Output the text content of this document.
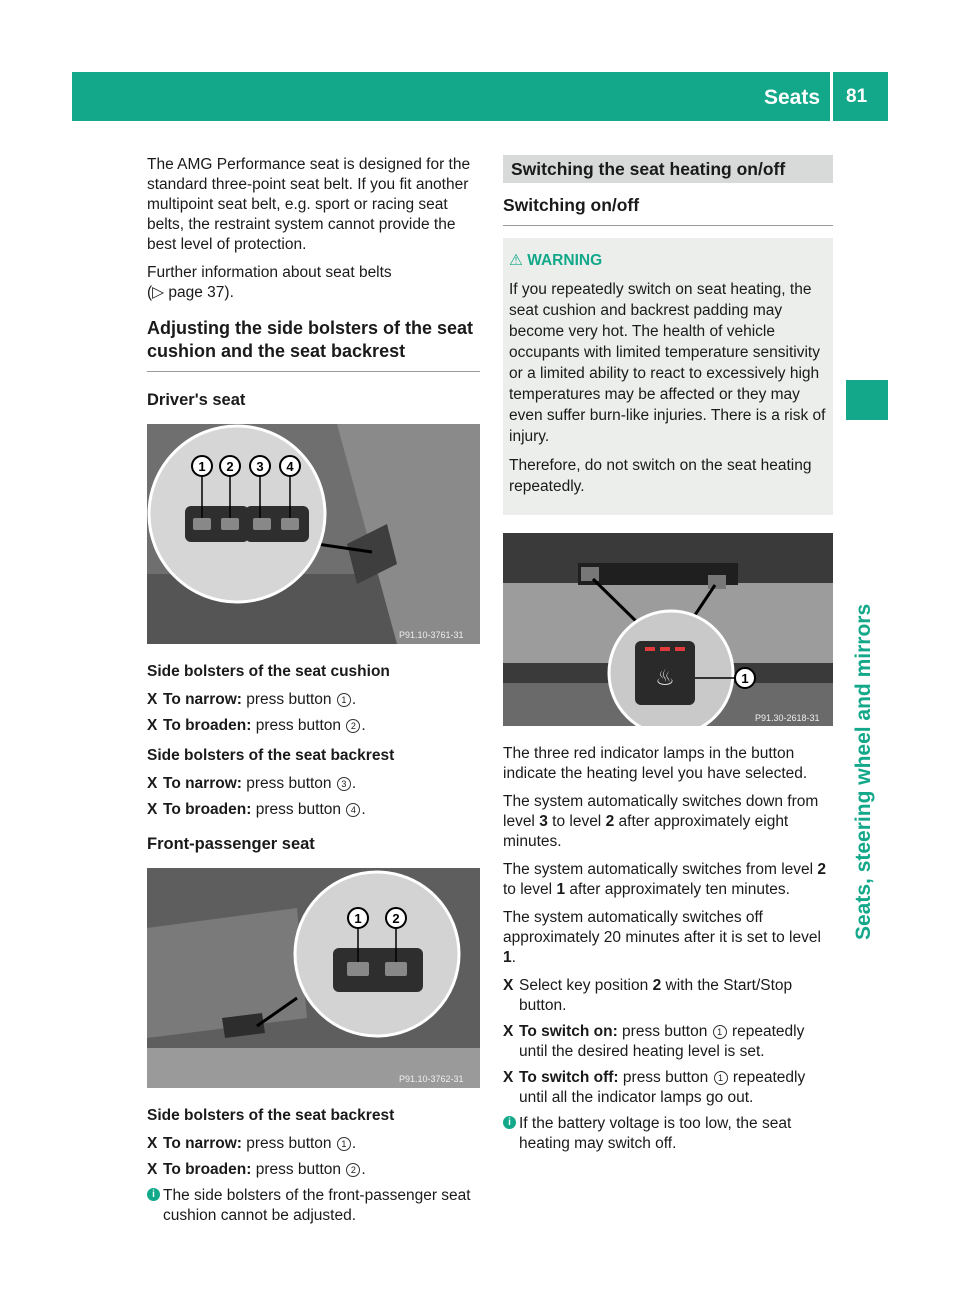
Seats 81
Seats, steering wheel and mirrors

The AMG Performance seat is designed for the standard three-point seat belt. If you fit another multipoint seat belt, e.g. sport or racing seat belts, the restraint system cannot provide the best level of protection.

Further information about seat belts
(▷ page 37).

Adjusting the side bolsters of the seat cushion and the seat backrest
Driver's seat
1 2 3 4
P91.10-3761-31
Side bolsters of the seat cushion
X To narrow: press button 1 .
X To broaden: press button 2 .
Side bolsters of the seat backrest
X To narrow: press button 3 .
X To broaden: press button 4 .
Front-passenger seat
1 2
P91.10-3762-31
Side bolsters of the seat backrest
X To narrow: press button 1 .
X To broaden: press button 2 .
i The side bolsters of the front-passenger seat cushion cannot be adjusted.
Switching the seat heating on/off
Switching on/off
⚠ WARNING

If you repeatedly switch on seat heating, the seat cushion and backrest padding may become very hot. The health of vehicle occupants with limited temperature sensitivity or a limited ability to react to excessively high temperatures may be affected or they may even suffer burn-like injuries. There is a risk of injury.

Therefore, do not switch on the seat heating repeatedly.

♨	1
P91.30-2618-31

The three red indicator lamps in the button indicate the heating level you have selected.

The system automatically switches down from level 3 to level 2 after approximately eight minutes.

The system automatically switches from level 2 to level 1 after approximately ten minutes.

The system automatically switches off approximately 20 minutes after it is set to level 1.

X Select key position 2 with the Start/Stop button.
X To switch on: press button 1 repeatedly until the desired heating level is set.
X To switch off: press button 1 repeatedly until all the indicator lamps go out.
i If the battery voltage is too low, the seat heating may switch off.
